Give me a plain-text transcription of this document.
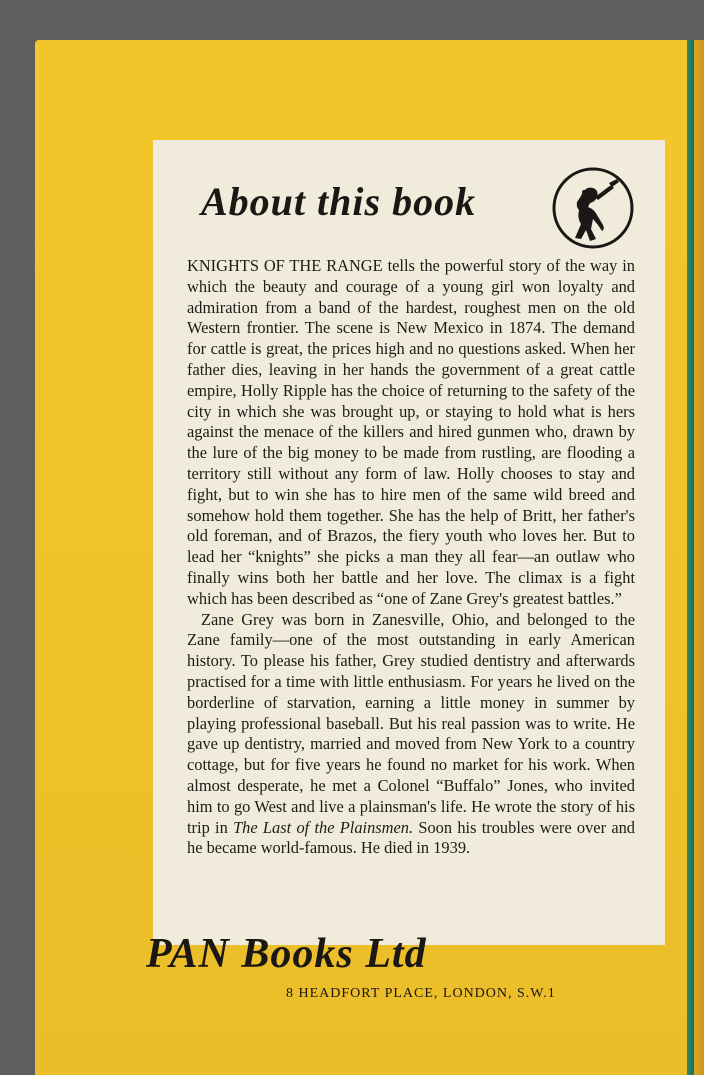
About this book

KNIGHTS OF THE RANGE tells the powerful story of the way in which the beauty and courage of a young girl won loyalty and admiration from a band of the hardest, roughest men on the old Western frontier. The scene is New Mexico in 1874. The demand for cattle is great, the prices high and no questions asked. When her father dies, leaving in her hands the government of a great cattle empire, Holly Ripple has the choice of returning to the safety of the city in which she was brought up, or staying to hold what is hers against the menace of the killers and hired gunmen who, drawn by the lure of the big money to be made from rustling, are flooding a territory still without any form of law. Holly chooses to stay and fight, but to win she has to hire men of the same wild breed and somehow hold them together. She has the help of Britt, her father's old foreman, and of Brazos, the fiery youth who loves her. But to lead her “knights” she picks a man they all fear—an outlaw who finally wins both her battle and her love. The climax is a fight which has been described as “one of Zane Grey's greatest battles.”

Zane Grey was born in Zanesville, Ohio, and belonged to the Zane family—one of the most outstanding in early American history. To please his father, Grey studied dentistry and afterwards practised for a time with little enthusiasm. For years he lived on the borderline of starvation, earning a little money in summer by playing professional baseball. But his real passion was to write. He gave up dentistry, married and moved from New York to a country cottage, but for five years he found no market for his work. When almost desperate, he met a Colonel “Buffalo” Jones, who invited him to go West and live a plainsman's life. He wrote the story of his trip in The Last of the Plainsmen. Soon his troubles were over and he became world-famous. He died in 1939.

PAN Books Ltd
8 HEADFORT PLACE, LONDON, S.W.1
